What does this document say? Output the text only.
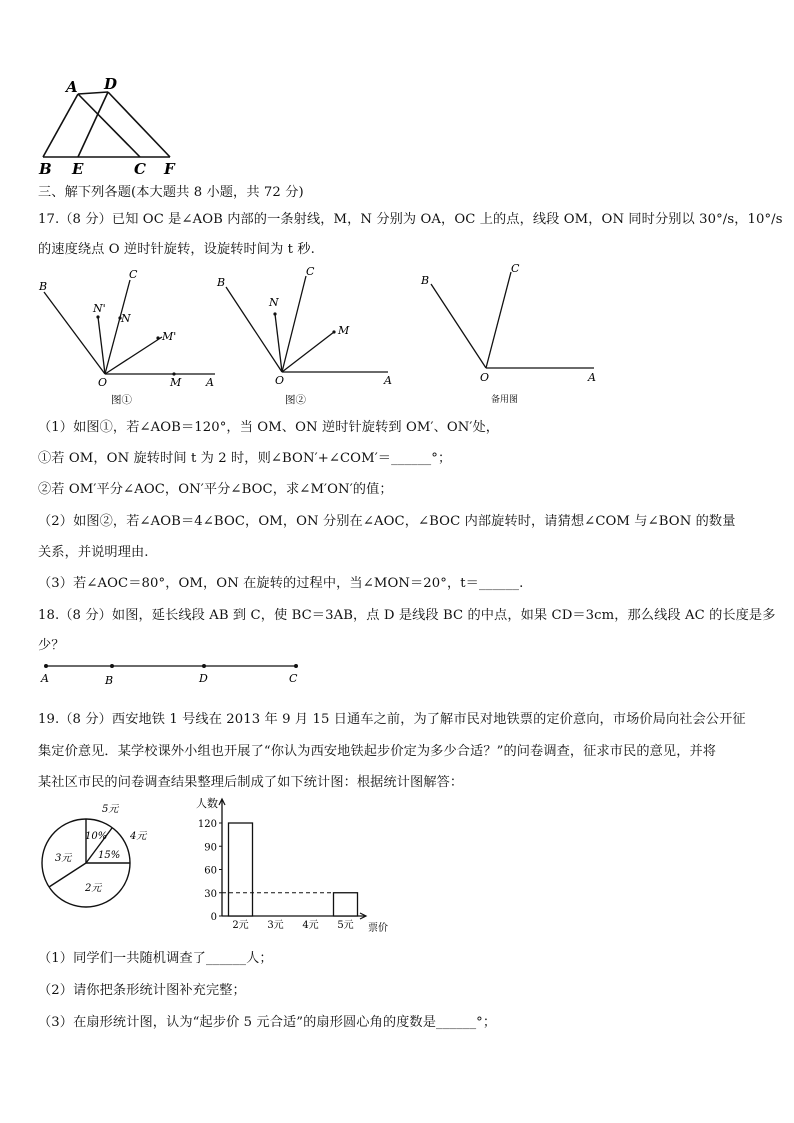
A D
B E	C F
三、解下列各题(本大题共 8 小题，共 72 分)
17.（8 分）已知 OC 是∠AOB 内部的一条射线，M，N 分别为 OA，OC 上的点，线段 OM，ON 同时分别以 30°/s，10°/s
的速度绕点 O 逆时针旋转，设旋转时间为 t 秒.
B
C
N'
N
M'
O	M A
图①
B
C
N
M
O	A
图②
B
C
O	A
备用图
（1）如图①，若∠AOB＝120°，当 OM、ON 逆时针旋转到 OM′、ON′处，
①若 OM，ON 旋转时间 t 为 2 时，则∠BON′+∠COM′＝______°；
②若 OM′平分∠AOC，ON′平分∠BOC，求∠M′ON′的值；
（2）如图②，若∠AOB＝4∠BOC，OM，ON 分别在∠AOC，∠BOC 内部旋转时，请猜想∠COM 与∠BON 的数量
关系，并说明理由.
（3）若∠AOC＝80°，OM，ON 在旋转的过程中，当∠MON＝20°，t＝______.
18.（8 分）如图，延长线段 AB 到 C，使 BC＝3AB，点 D 是线段 BC 的中点，如果 CD＝3cm，那么线段 AC 的长度是多
少？
A	B	D	C
19.（8 分）西安地铁 1 号线在 2013 年 9 月 15 日通车之前，为了解市民对地铁票的定价意向，市场价局向社会公开征
集定价意见．某学校课外小组也开展了“你认为西安地铁起步价定为多少合适？”的问卷调查，征求市民的意见，并将
某社区市民的问卷调查结果整理后制成了如下统计图：根据统计图解答：
5元
4元
3元
2元
10%
15%
人数
票价
0
30
60
90
120
2元 3元 4元 5元
（1）同学们一共随机调查了______人；
（2）请你把条形统计图补充完整；
（3）在扇形统计图，认为“起步价 5 元合适”的扇形圆心角的度数是______°；
